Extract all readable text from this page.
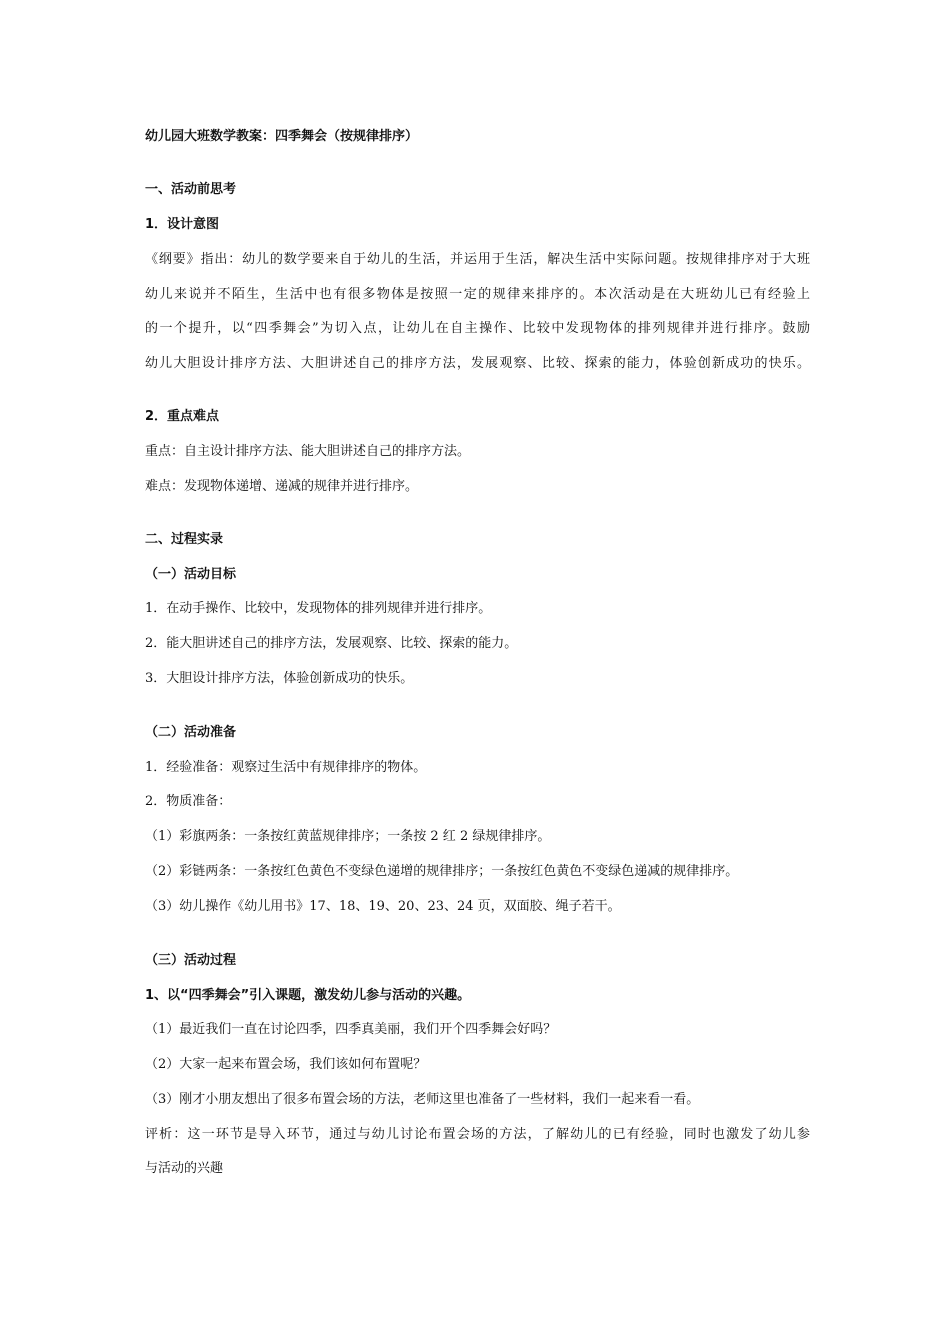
幼儿园大班数学教案：四季舞会（按规律排序）
一、活动前思考
1．设计意图
《纲要》指出：幼儿的数学要来自于幼儿的生活，并运用于生活，解决生活中实际问题。按规律排序对于大班
幼儿来说并不陌生，生活中也有很多物体是按照一定的规律来排序的。本次活动是在大班幼儿已有经验上
的一个提升，以“四季舞会”为切入点，让幼儿在自主操作、比较中发现物体的排列规律并进行排序。鼓励
幼儿大胆设计排序方法、大胆讲述自己的排序方法，发展观察、比较、探索的能力，体验创新成功的快乐。
2．重点难点
重点：自主设计排序方法、能大胆讲述自己的排序方法。
难点：发现物体递增、递减的规律并进行排序。
二、过程实录
（一）活动目标
1．在动手操作、比较中，发现物体的排列规律并进行排序。
2．能大胆讲述自己的排序方法，发展观察、比较、探索的能力。
3．大胆设计排序方法，体验创新成功的快乐。
（二）活动准备
1．经验准备：观察过生活中有规律排序的物体。
2．物质准备：
（1）彩旗两条：一条按红黄蓝规律排序；一条按 2 红 2 绿规律排序。
（2）彩链两条：一条按红色黄色不变绿色递增的规律排序；一条按红色黄色不变绿色递减的规律排序。
（3）幼儿操作《幼儿用书》17、18、19、20、23、24 页，双面胶、绳子若干。
（三）活动过程
1、以“四季舞会”引入课题，激发幼儿参与活动的兴趣。
（1）最近我们一直在讨论四季，四季真美丽，我们开个四季舞会好吗？
（2）大家一起来布置会场，我们该如何布置呢？
（3）刚才小朋友想出了很多布置会场的方法，老师这里也准备了一些材料，我们一起来看一看。
评析：这一环节是导入环节，通过与幼儿讨论布置会场的方法，了解幼儿的已有经验，同时也激发了幼儿参
与活动的兴趣
